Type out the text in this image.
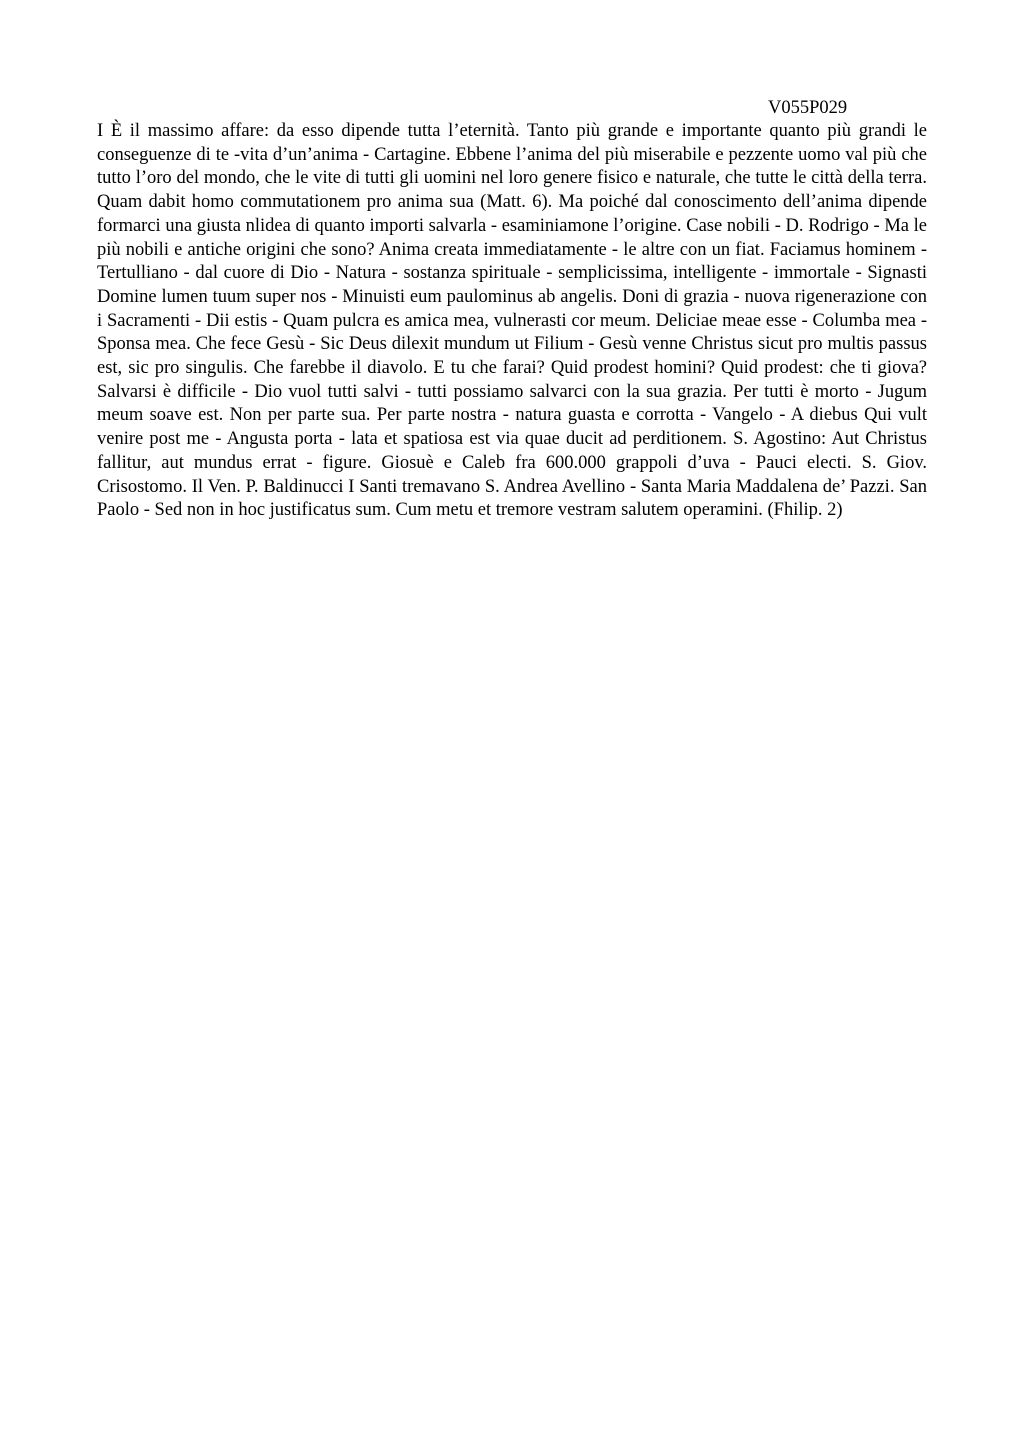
V055P029

I È il massimo affare: da esso dipende tutta l’eternità. Tanto più grande e importante quanto più grandi le conseguenze di te -vita d’un’anima - Cartagine. Ebbene l’anima del più miserabile e pezzente uomo val più che tutto l’oro del mondo, che le vite di tutti gli uomini nel loro genere fisico e naturale, che tutte le città della terra. Quam dabit homo commutationem pro anima sua (Matt. 6). Ma poiché dal conoscimento dell’anima dipende formarci una giusta nlidea di quanto importi salvarla - esaminiamone l’origine. Case nobili - D. Rodrigo - Ma le più nobili e antiche origini che sono? Anima creata immediatamente - le altre con un fiat. Faciamus hominem - Tertulliano - dal cuore di Dio - Natura - sostanza spirituale - semplicissima, intelligente - immortale - Signasti Domine lumen tuum super nos - Minuisti eum paulominus ab angelis. Doni di grazia - nuova rigenerazione con i Sacramenti - Dii estis - Quam pulcra es amica mea, vulnerasti cor meum. Deliciae meae esse - Columba mea - Sponsa mea. Che fece Gesù - Sic Deus dilexit mundum ut Filium - Gesù venne Christus sicut pro multis passus est, sic pro singulis. Che farebbe il diavolo. E tu che farai? Quid prodest homini? Quid prodest: che ti giova? Salvarsi è difficile - Dio vuol tutti salvi - tutti possiamo salvarci con la sua grazia. Per tutti è morto - Jugum meum soave est. Non per parte sua. Per parte nostra - natura guasta e corrotta - Vangelo - A diebus Qui vult venire post me - Angusta porta - lata et spatiosa est via quae ducit ad perditionem. S. Agostino: Aut Christus fallitur, aut mundus errat - figure. Giosuè e Caleb fra 600.000 grappoli d’uva - Pauci electi. S. Giov. Crisostomo. Il Ven. P. Baldinucci I Santi tremavano S. Andrea Avellino - Santa Maria Maddalena de’ Pazzi. San Paolo - Sed non in hoc justificatus sum. Cum metu et tremore vestram salutem operamini. (Fhilip. 2)
